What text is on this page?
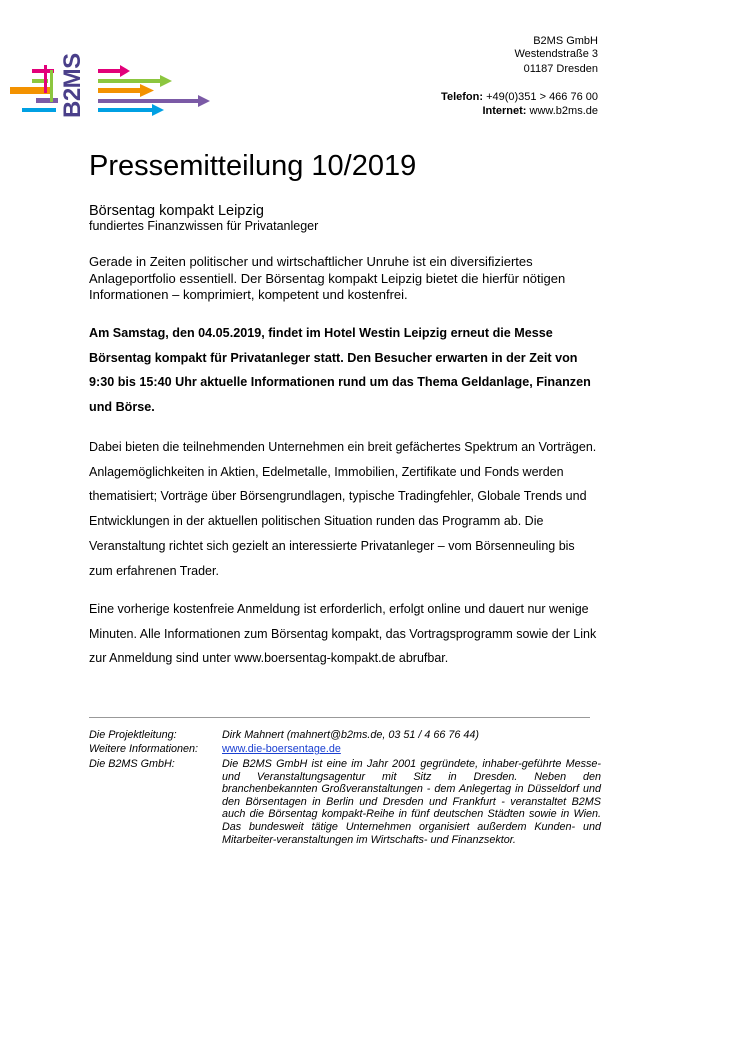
B2MS
B2MS GmbH
Westendstraße 3
01187 Dresden
Telefon: +49(0)351 > 466 76 00
Internet: www.b2ms.de
Pressemitteilung 10/2019
Börsentag kompakt Leipzig
fundiertes Finanzwissen für Privatanleger
Gerade in Zeiten politischer und wirtschaftlicher Unruhe ist ein diversifiziertes Anlageportfolio essentiell. Der Börsentag kompakt Leipzig bietet die hierfür nötigen Informationen – komprimiert, kompetent und kostenfrei.
Am Samstag, den 04.05.2019, findet im Hotel Westin Leipzig erneut die Messe Börsentag kompakt für Privatanleger statt. Den Besucher erwarten in der Zeit von 9:30 bis 15:40 Uhr aktuelle Informationen rund um das Thema Geldanlage, Finanzen und Börse.
Dabei bieten die teilnehmenden Unternehmen ein breit gefächertes Spektrum an Vorträgen. Anlagemöglichkeiten in Aktien, Edelmetalle, Immobilien, Zertifikate und Fonds werden thematisiert; Vorträge über Börsengrundlagen, typische Tradingfehler, Globale Trends und Entwicklungen in der aktuellen politischen Situation runden das Programm ab. Die Veranstaltung richtet sich gezielt an interessierte Privatanleger – vom Börsenneuling bis zum erfahrenen Trader.
Eine vorherige kostenfreie Anmeldung ist erforderlich, erfolgt online und dauert nur wenige Minuten. Alle Informationen zum Börsentag kompakt, das Vortragsprogramm sowie der Link zur Anmeldung sind unter www.boersentag-kompakt.de abrufbar.
Die Projektleitung:	Dirk Mahnert (mahnert@b2ms.de, 03 51 / 4 66 76 44)
Weitere Informationen: www.die-boersentage.de
Die B2MS GmbH:	Die B2MS GmbH ist eine im Jahr 2001 gegründete, inhaber-geführte Messe- und Veranstaltungsagentur mit Sitz in Dresden. Neben den branchenbekannten Großveranstaltungen - dem Anlegertag in Düsseldorf und den Börsentagen in Berlin und Dresden und Frankfurt - veranstaltet B2MS auch die Börsentag kompakt-Reihe in fünf deutschen Städten sowie in Wien. Das bundesweit tätige Unternehmen organisiert außerdem Kunden- und Mitarbeiter-veranstaltungen im Wirtschafts- und Finanzsektor.
